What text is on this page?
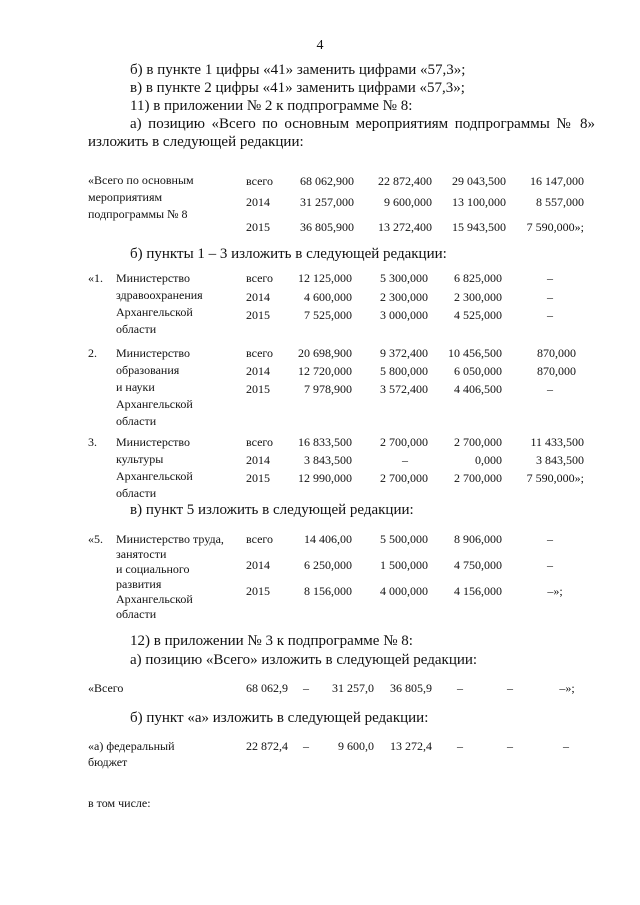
4
б) в пункте 1 цифры «41» заменить цифрами «57,3»;
в) в пункте 2 цифры «41» заменить цифрами «57,3»;
11) в приложении № 2 к подпрограмме № 8:
а) позицию «Всего по основным мероприятиям подпрограммы № 8»
изложить в следующей редакции:
«Всего по основным
мероприятиям
подпрограммы № 8
всего	68 062,900	22 872,400	29 043,500	16 147,000
2014	31 257,000	9 600,000	13 100,000	8 557,000
2015	36 805,900	13 272,400	15 943,500	7 590,000»;
б) пункты 1 – 3 изложить в следующей редакции:
«1. Министерство
здравоохранения
Архангельской
области
всего	12 125,000	5 300,000	6 825,000	–
2014	4 600,000	2 300,000	2 300,000	–
2015	7 525,000	3 000,000	4 525,000	–
2. Министерство
образования
и науки
Архангельской
области
всего	20 698,900	9 372,400	10 456,500	870,000
2014	12 720,000	5 800,000	6 050,000	870,000
2015	7 978,900	3 572,400	4 406,500	–
3. Министерство
культуры
Архангельской
области
всего	16 833,500	2 700,000	2 700,000	11 433,500
2014	3 843,500	–	0,000	3 843,500
2015	12 990,000	2 700,000	2 700,000	7 590,000»;
в) пункт 5 изложить в следующей редакции:
«5. Министерство труда,
занятости
и социального
развития
Архангельской
области
всего	14 406,00	5 500,000	8 906,000	–
2014	6 250,000	1 500,000	4 750,000	–
2015	8 156,000	4 000,000	4 156,000	–»;
12) в приложении № 3 к подпрограмме № 8:
а) позицию «Всего» изложить в следующей редакции:
«Всего	68 062,9	–	31 257,0	36 805,9	–	–	–»;
б) пункт «а» изложить в следующей редакции:
«а) федеральный
бюджет
22 872,4	–	9 600,0	13 272,4	–	–	–
в том числе:
